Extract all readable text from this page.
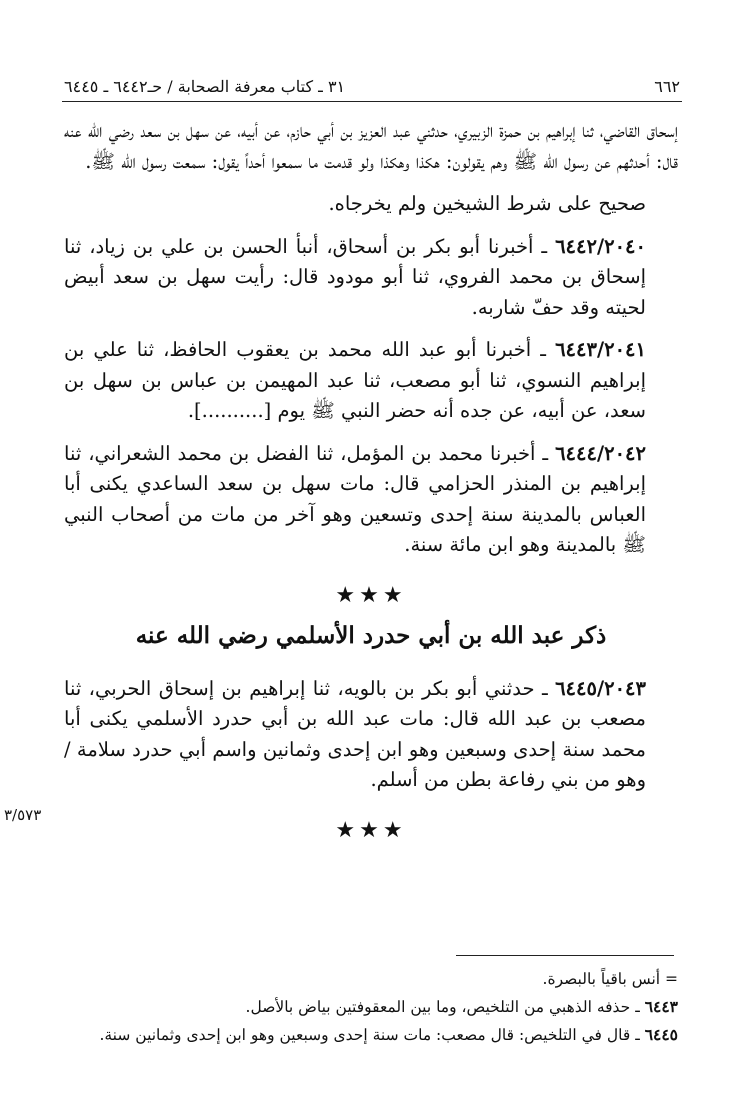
٦٦٢
٣١ ـ كتاب معرفة الصحابة / حـ٦٤٤٢ ـ ٦٤٤٥

إسحاق القاضي، ثنا إبراهيم بن حمزة الزبيري، حدثني عبد العزيز بن أبي حازم، عن أبيه، عن سهل بن سعد رضي الله عنه قال: أحدثهم عن رسول الله ﷺ وهم يقولون: هكذا وهكذا ولو قدمت ما سمعوا أحداً يقول: سمعت رسول الله ﷺ.

صحيح على شرط الشيخين ولم يخرجاه.

٦٤٤٢/٢٠٤٠ ـ أخبرنا أبو بكر بن أسحاق، أنبأ الحسن بن علي بن زياد، ثنا إسحاق بن محمد الفروي، ثنا أبو مودود قال: رأيت سهل بن سعد أبيض لحيته وقد حفّ شاربه.

٦٤٤٣/٢٠٤١ ـ أخبرنا أبو عبد الله محمد بن يعقوب الحافظ، ثنا علي بن إبراهيم النسوي، ثنا أبو مصعب، ثنا عبد المهيمن بن عباس بن سهل بن سعد، عن أبيه، عن جده أنه حضر النبي ﷺ يوم [..........].

٦٤٤٤/٢٠٤٢ ـ أخبرنا محمد بن المؤمل، ثنا الفضل بن محمد الشعراني، ثنا إبراهيم بن المنذر الحزامي قال: مات سهل بن سعد الساعدي يكنى أبا العباس بالمدينة سنة إحدى وتسعين وهو آخر من مات من أصحاب النبي ﷺ بالمدينة وهو ابن مائة سنة.

★★★
ذكر عبد الله بن أبي حدرد الأسلمي رضي الله عنه

٦٤٤٥/٢٠٤٣ ـ حدثني أبو بكر بن بالويه، ثنا إبراهيم بن إسحاق الحربي، ثنا مصعب بن عبد الله قال: مات عبد الله بن أبي حدرد الأسلمي يكنى أبا محمد سنة إحدى وسبعين وهو ابن إحدى وثمانين واسم أبي حدرد سلامة / وهو من بني رفاعة بطن من أسلم.

★★★
٣/٥٧٣

= أنس باقياً بالبصرة.

٦٤٤٣ ـ حذفه الذهبي من التلخيص، وما بين المعقوفتين بياض بالأصل.

٦٤٤٥ ـ قال في التلخيص: قال مصعب: مات سنة إحدى وسبعين وهو ابن إحدى وثمانين سنة.
